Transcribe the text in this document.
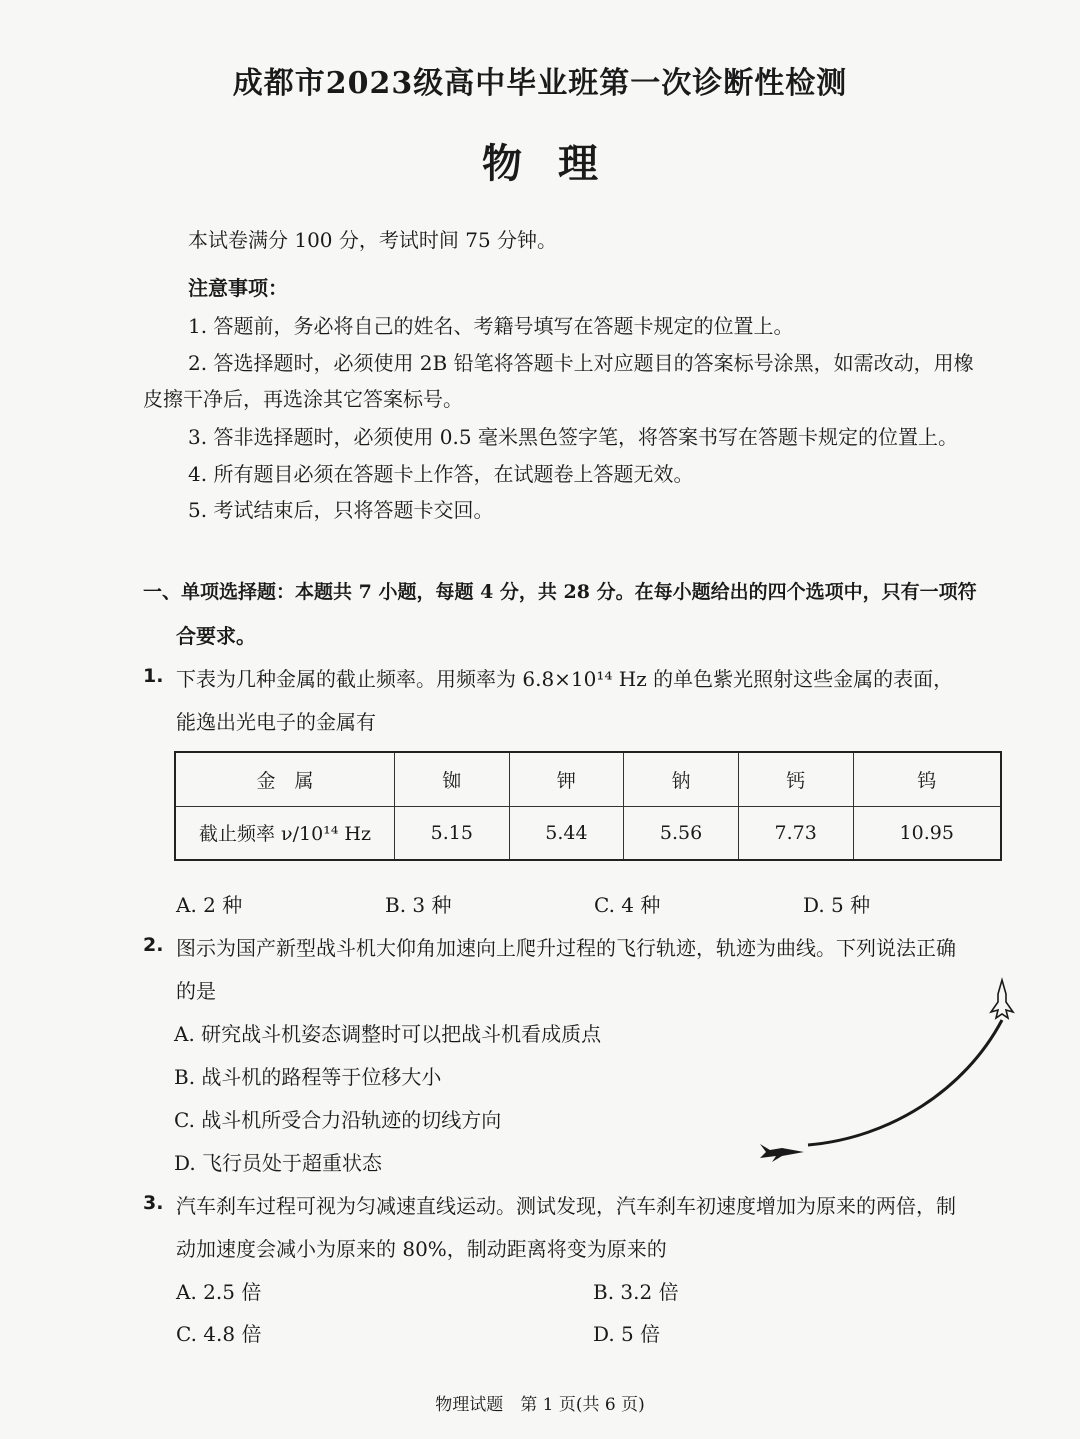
成都市2023级高中毕业班第一次诊断性检测
物理
本试卷满分 100 分，考试时间 75 分钟。
注意事项：
1. 答题前，务必将自己的姓名、考籍号填写在答题卡规定的位置上。
2. 答选择题时，必须使用 2B 铅笔将答题卡上对应题目的答案标号涂黑，如需改动，用橡
皮擦干净后，再选涂其它答案标号。
3. 答非选择题时，必须使用 0.5 毫米黑色签字笔，将答案书写在答题卡规定的位置上。
4. 所有题目必须在答题卡上作答，在试题卷上答题无效。
5. 考试结束后，只将答题卡交回。
一、单项选择题：本题共 7 小题，每题 4 分，共 28 分。在每小题给出的四个选项中，只有一项符
合要求。
1. 下表为几种金属的截止频率。用频率为 6.8×10¹⁴ Hz 的单色紫光照射这些金属的表面，
能逸出光电子的金属有
金　属	铷	钾	钠	钙	钨
截止频率 ν/10¹⁴ Hz	5.15	5.44	5.56	7.73	10.95
A. 2 种	B. 3 种	C. 4 种	D. 5 种
2. 图示为国产新型战斗机大仰角加速向上爬升过程的飞行轨迹，轨迹为曲线。下列说法正确
的是
A. 研究战斗机姿态调整时可以把战斗机看成质点
B. 战斗机的路程等于位移大小
C. 战斗机所受合力沿轨迹的切线方向
D. 飞行员处于超重状态
3. 汽车刹车过程可视为匀减速直线运动。测试发现，汽车刹车初速度增加为原来的两倍，制
动加速度会减小为原来的 80%，制动距离将变为原来的
A. 2.5 倍	B. 3.2 倍
C. 4.8 倍	D. 5 倍
物理试题　第 1 页(共 6 页)
